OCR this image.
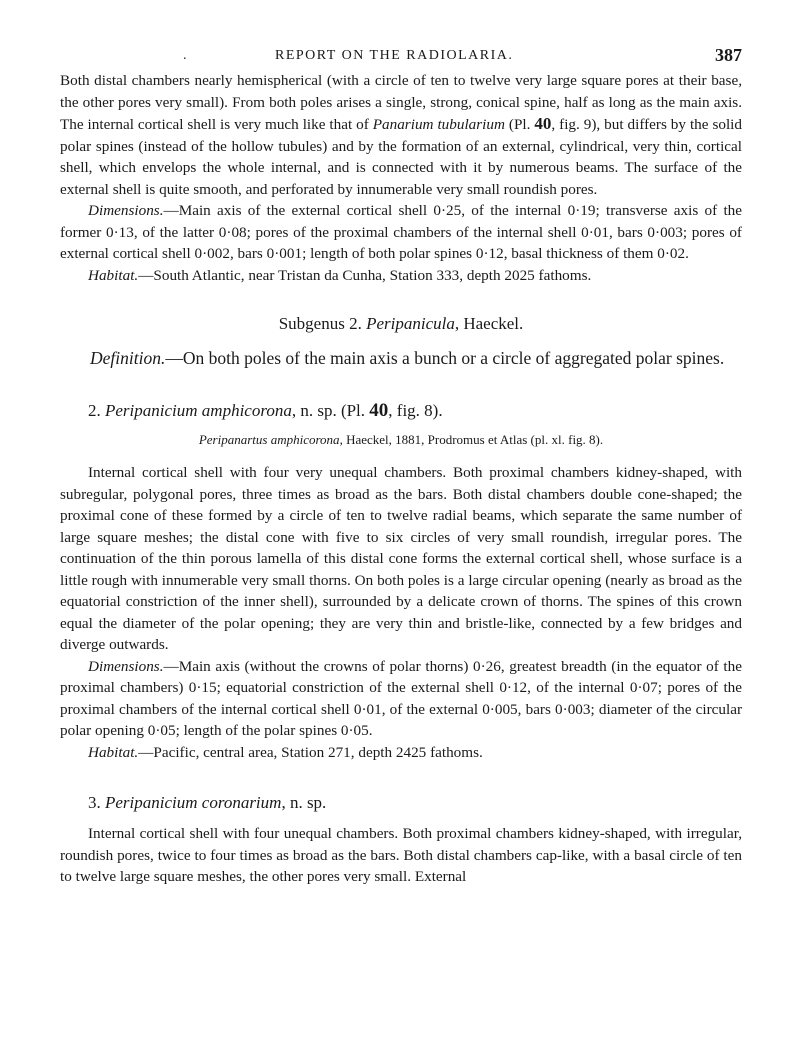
.	REPORT ON THE RADIOLARIA.	387

Both distal chambers nearly hemispherical (with a circle of ten to twelve very large square pores at their base, the other pores very small). From both poles arises a single, strong, conical spine, half as long as the main axis. The internal cortical shell is very much like that of Panarium tubularium (Pl. 40, fig. 9), but differs by the solid polar spines (instead of the hollow tubules) and by the formation of an external, cylindrical, very thin, cortical shell, which envelops the whole internal, and is connected with it by numerous beams. The surface of the external shell is quite smooth, and perforated by innumerable very small roundish pores.

Dimensions.—Main axis of the external cortical shell 0·25, of the internal 0·19; transverse axis of the former 0·13, of the latter 0·08; pores of the proximal chambers of the internal shell 0·01, bars 0·003; pores of external cortical shell 0·002, bars 0·001; length of both polar spines 0·12, basal thickness of them 0·02.

Habitat.—South Atlantic, near Tristan da Cunha, Station 333, depth 2025 fathoms.

Subgenus 2. Peripanicula, Haeckel.

Definition.—On both poles of the main axis a bunch or a circle of aggregated polar spines.

2. Peripanicium amphicorona, n. sp. (Pl. 40, fig. 8).
Peripanartus amphicorona, Haeckel, 1881, Prodromus et Atlas (pl. xl. fig. 8).

Internal cortical shell with four very unequal chambers. Both proximal chambers kidney-shaped, with subregular, polygonal pores, three times as broad as the bars. Both distal chambers double cone-shaped; the proximal cone of these formed by a circle of ten to twelve radial beams, which separate the same number of large square meshes; the distal cone with five to six circles of very small roundish, irregular pores. The continuation of the thin porous lamella of this distal cone forms the external cortical shell, whose surface is a little rough with innumerable very small thorns. On both poles is a large circular opening (nearly as broad as the equatorial constriction of the inner shell), surrounded by a delicate crown of thorns. The spines of this crown equal the diameter of the polar opening; they are very thin and bristle-like, connected by a few bridges and diverge outwards.

Dimensions.—Main axis (without the crowns of polar thorns) 0·26, greatest breadth (in the equator of the proximal chambers) 0·15; equatorial constriction of the external shell 0·12, of the internal 0·07; pores of the proximal chambers of the internal cortical shell 0·01, of the external 0·005, bars 0·003; diameter of the circular polar opening 0·05; length of the polar spines 0·05.

Habitat.—Pacific, central area, Station 271, depth 2425 fathoms.

3. Peripanicium coronarium, n. sp.

Internal cortical shell with four unequal chambers. Both proximal chambers kidney-shaped, with irregular, roundish pores, twice to four times as broad as the bars. Both distal chambers cap-like, with a basal circle of ten to twelve large square meshes, the other pores very small. External
